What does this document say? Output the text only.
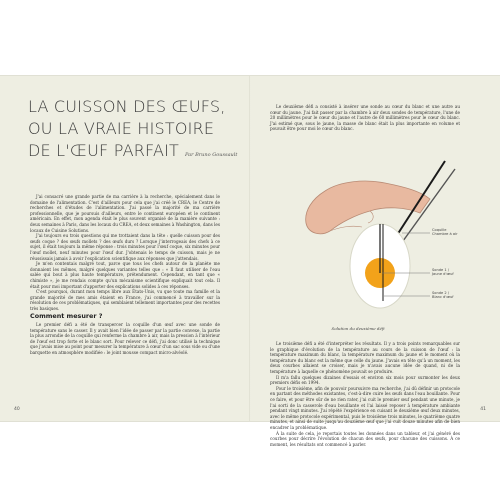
LA CUISSON DES ŒUFS,
OU LA VRAIE HISTOIRE
DE L'ŒUF PARFAIT Par Bruno Goussault

J'ai consacré une grande partie de ma carrière à la recherche, spécialement dans le domaine de l'alimentation. C'est d'ailleurs pour cela que j'ai créé le CREA, le Centre de recherches et d'études de l'alimentation. J'ai passé la majorité de ma carrière professionnelle, que je poursuis d'ailleurs, entre le continent européen et le continent américain. En effet, mon agenda était le plus souvent organisé de la manière suivante : deux semaines à Paris, dans les locaux du CREA, et deux semaines à Washington, dans les locaux de Cuisine Solutions.

J'ai toujours eu trois questions qui me trottaient dans la tête : quelle cuisson pour des œufs coque ? des œufs mollets ? des œufs durs ? Lorsque j'interrogeais des chefs à ce sujet, il était toujours la même réponse : trois minutes pour l'œuf coque, six minutes pour l'œuf mollet, neuf minutes pour l'œuf dur. J'obtenais le temps de cuisson, mais je ne réussissais jamais à avoir l'explication scientifique aux réponses que j'attendais.

Je m'en contentais malgré tout, parce que tous les chefs autour de la planète me donnaient les mêmes, malgré quelques variantes telles que : « Il faut utiliser de l'eau salée qui bout à plus haute température, prétendument. Cependant, en tant que « chimiste », je me rendais compte qu'un mécanisme scientifique expliquait tout cela. Il était pour moi important d'apporter des explications solides à ces réponses.

C'est pourquoi, durant mon temps libre aux États-Unis, vu que toute ma famille et la grande majorité de mes amis étaient en France, j'ai commencé à travailler sur la résolution de ces problématiques, qui semblaient tellement importantes pour des recettes très basiques.

Comment mesurer ?

Le premier défi a été de transpercer la coquille d'un œuf avec une sonde de température sans le casser. Il y avait bien l'idée de passer par la partie convexe, la partie la plus arrondie de la coquille qui renferme la chambre à air, mais la pression à l'intérieur de l'œuf est trop forte et le blanc sort. Pour relever ce défi, j'ai donc utilisé la technique que j'avais mise au point pour mesurer la température à cœur d'un sac sous vide ou d'une barquette en atmosphère modifiée : le joint mousse compact micro-alvéolé.

40

Le deuxième défi a consisté à insérer une sonde au cœur du blanc et une autre au cœur du jaune. J'ai fait passer par la chambre à air deux sondes de température, l'une de 20 millimètres pour le cœur du jaune et l'autre de 60 millimètres pour le cœur du blanc. J'ai estimé que, sous le jaune, la masse de blanc était la plus importante en volume et pouvait être pour moi le cœur du blanc.

Coquille
Chambre à air
Sonde 1 /
Jaune d'œuf
Sonde 2 /
Blanc d'œuf
Solution du deuxième défi

Le troisième défi a été d'interpréter les résultats. Il y a trois points remarquables sur le graphique d'évolution de la température au cours de la cuisson de l'œuf : la température maximum du blanc, la température maximum du jaune et le moment où la température du blanc est la même que celle du jaune. J'avais en tête qu'à un moment, les deux courbes allaient se croiser, mais je n'avais aucune idée de quand, ni de la température à laquelle ce phénomène pouvait se produire.

Il m'a fallu quelques dizaines d'essais et environ six mois pour surmonter les deux premiers défis en 1994.

Pour le troisième, afin de pouvoir poursuivre ma recherche, j'ai dû définir un protocole en partant des méthodes existantes, c'est-à-dire cuire les œufs dans l'eau bouillante. Pour ce faire, et pour être sûr de ne rien rater, j'ai cuit le premier œuf pendant une minute, je l'ai sorti de la casserole d'eau bouillante et l'ai laissé reposer à température ambiante pendant vingt minutes. J'ai répété l'expérience en cuisant le deuxième œuf deux minutes, avec le même protocole expérimental, puis le troisième trois minutes, le quatrième quatre minutes, et ainsi de suite jusqu'au douzième œuf que j'ai cuit douze minutes afin de bien encadrer la problématique.

À la suite de cela, je reportais toutes les données dans un tableur, et j'ai généré des courbes pour décrire l'évolution de chacun des œufs, pour chacune des cuissons. À ce moment, les résultats ont commencé à parler.

41
